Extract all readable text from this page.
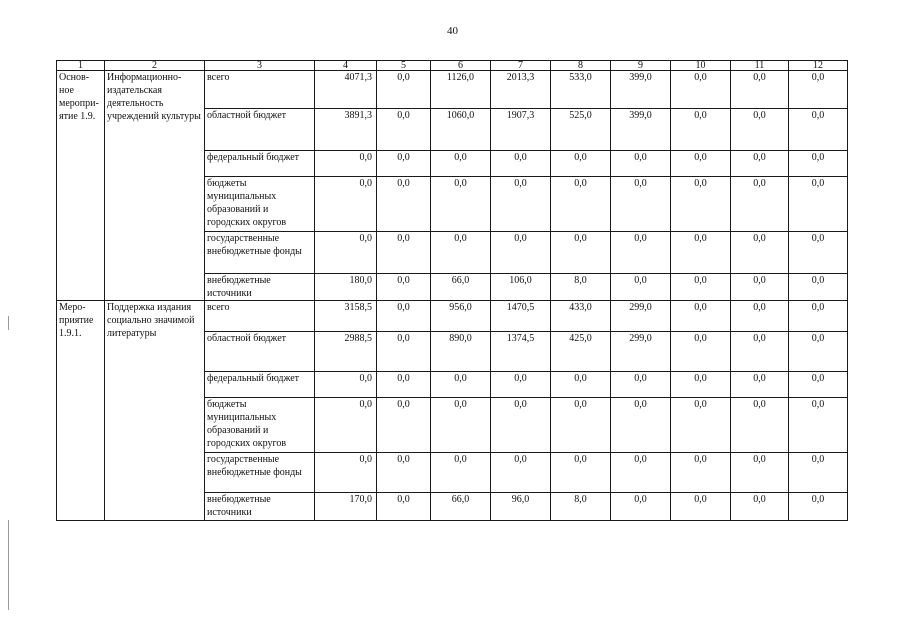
40
1	2	3	4	5	6	7	8	9	10	11	12
Основ-ное меропри-ятие 1.9.	Информационно-издательская деятельность учреждений культуры	всего	4071,3	0,0	1126,0	2013,3	533,0	399,0	0,0	0,0	0,0
		областной бюджет	3891,3	0,0	1060,0	1907,3	525,0	399,0	0,0	0,0	0,0
		федеральный бюджет	0,0	0,0	0,0	0,0	0,0	0,0	0,0	0,0	0,0
		бюджеты муниципальных образований и городских округов	0,0	0,0	0,0	0,0	0,0	0,0	0,0	0,0	0,0
		государственные внебюджетные фонды	0,0	0,0	0,0	0,0	0,0	0,0	0,0	0,0	0,0
		внебюджетные источники	180,0	0,0	66,0	106,0	8,0	0,0	0,0	0,0	0,0
Меро-приятие 1.9.1.	Поддержка издания социально значимой литературы	всего	3158,5	0,0	956,0	1470,5	433,0	299,0	0,0	0,0	0,0
		областной бюджет	2988,5	0,0	890,0	1374,5	425,0	299,0	0,0	0,0	0,0
		федеральный бюджет	0,0	0,0	0,0	0,0	0,0	0,0	0,0	0,0	0,0
		бюджеты муниципальных образований и городских округов	0,0	0,0	0,0	0,0	0,0	0,0	0,0	0,0	0,0
		государственные внебюджетные фонды	0,0	0,0	0,0	0,0	0,0	0,0	0,0	0,0	0,0
		внебюджетные источники	170,0	0,0	66,0	96,0	8,0	0,0	0,0	0,0	0,0
